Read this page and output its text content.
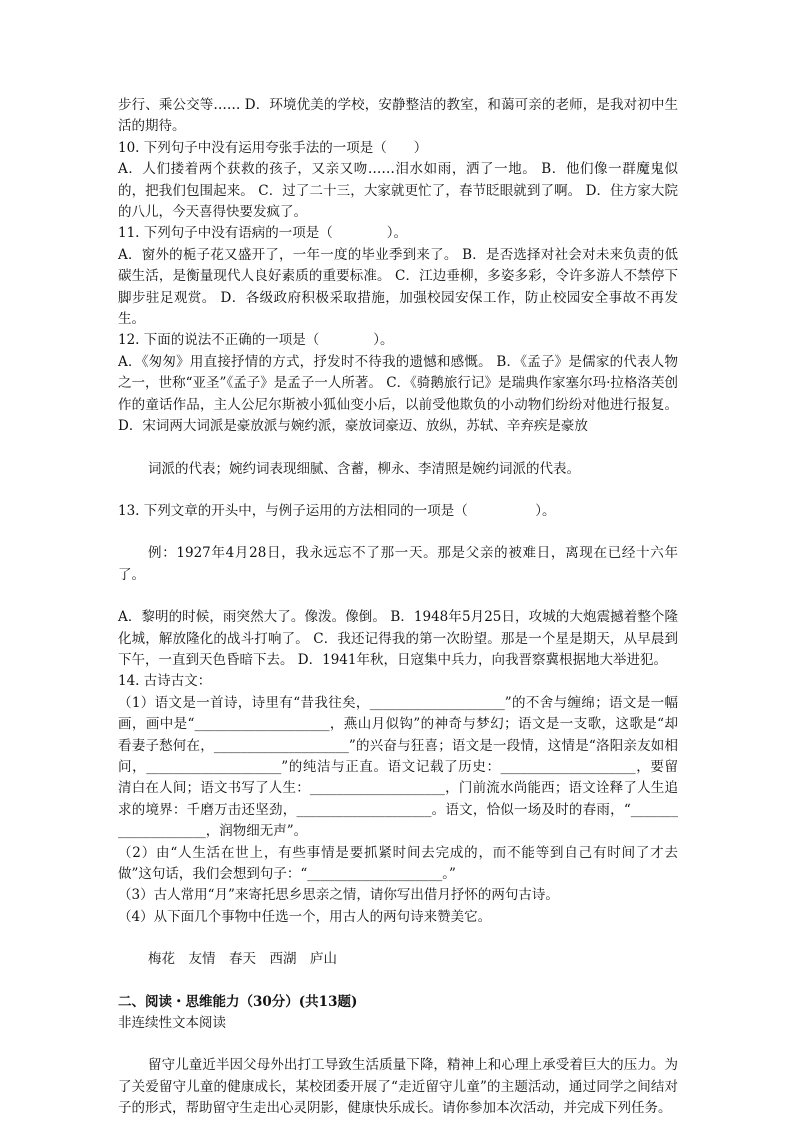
步行、乘公交等…… D．环境优美的学校，安静整洁的教室，和蔼可亲的老师，是我对初中生活的期待。

10. 下列句子中没有运用夸张手法的一项是（　　）

A．人们搂着两个获救的孩子，又亲又吻……泪水如雨，洒了一地。 B．他们像一群魔鬼似的，把我们包围起来。 C．过了二十三，大家就更忙了，春节眨眼就到了啊。 D．住方家大院的八儿，今天喜得快要发疯了。

11. 下列句子中没有语病的一项是（　　　　）。

A．窗外的栀子花又盛开了，一年一度的毕业季到来了。 B．是否选择对社会对未来负责的低碳生活，是衡量现代人良好素质的重要标准。 C．江边垂柳，多姿多彩，令许多游人不禁停下脚步驻足观赏。 D．各级政府积极采取措施，加强校园安保工作，防止校园安全事故不再发生。

12. 下面的说法不正确的一项是（　　　　）。

A．《匆匆》用直接抒情的方式，抒发时不待我的遗憾和感慨。 B．《孟子》是儒家的代表人物之一，世称“亚圣”《孟子》是孟子一人所著。 C．《骑鹅旅行记》是瑞典作家塞尔玛·拉格洛芙创作的童话作品，主人公尼尔斯被小狐仙变小后，以前受他欺负的小动物们纷纷对他进行报复。 D．宋词两大词派是豪放派与婉约派，豪放词豪迈、放纵，苏轼、辛弃疾是豪放

词派的代表；婉约词表现细腻、含蓄，柳永、李清照是婉约词派的代表。

13. 下列文章的开头中，与例子运用的方法相同的一项是（　　　　　）。

例：1927年4月28日，我永远忘不了那一天。那是父亲的被难日，离现在已经十六年了。

A．黎明的时候，雨突然大了。像泼。像倒。 B．1948年5月25日，攻城的大炮震撼着整个隆化城，解放隆化的战斗打响了。 C．我还记得我的第一次盼望。那是一个星是期天，从早晨到下午，一直到天色昏暗下去。 D．1941年秋，日寇集中兵力，向我晋察冀根据地大举进犯。

14. 古诗古文：

（1）语文是一首诗，诗里有“昔我往矣，____________________”的不舍与缠绵；语文是一幅画，画中是“____________________，燕山月似钩”的神奇与梦幻；语文是一支歌，这歌是“却看妻子愁何在，____________________”的兴奋与狂喜；语文是一段情，这情是“洛阳亲友如相问，____________________”的纯洁与正直。语文记载了历史：____________________，要留清白在人间；语文书写了人生：____________________，门前流水尚能西；语文诠释了人生追求的境界：千磨万击还坚劲，____________________。语文，恰似一场及时的春雨，“____________________，润物细无声”。

（2）由“人生活在世上，有些事情是要抓紧时间去完成的，而不能等到自己有时间了才去做”这句话，我们会想到句子：“____________________。”

（3）古人常用“月”来寄托思乡思亲之情，请你写出借月抒怀的两句古诗。

（4）从下面几个事物中任选一个，用古人的两句诗来赞美它。

梅花　友情　春天　西湖　庐山

二、阅读・思维能力（30分）(共13题)

非连续性文本阅读

留守儿童近半因父母外出打工导致生活质量下降，精神上和心理上承受着巨大的压力。为了关爱留守儿童的健康成长，某校团委开展了“走近留守儿童”的主题活动，通过同学之间结对子的形式，帮助留守生走出心灵阴影，健康快乐成长。请你参加本次活动，并完成下列任务。
